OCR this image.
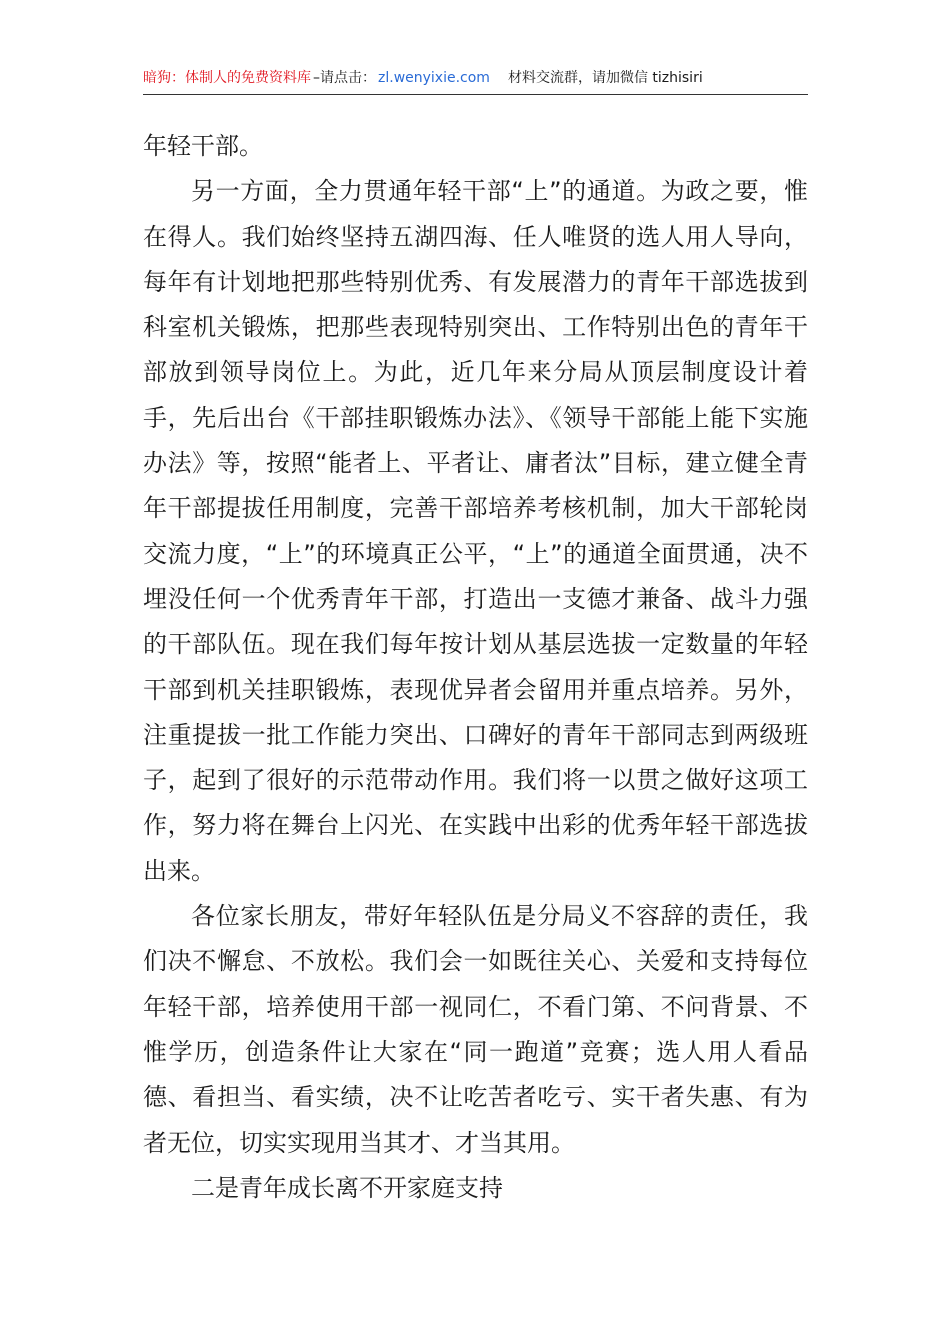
暗狗：体制人的免费资料库 –请点击： zl.wenyixie.com 材料交流群，请加微信 tizhisiri

年轻干部。

另一方面，全力贯通年轻干部“上”的通道。为政之要，惟在得人。我们始终坚持五湖四海、任人唯贤的选人用人导向，每年有计划地把那些特别优秀、有发展潜力的青年干部选拔到科室机关锻炼，把那些表现特别突出、工作特别出色的青年干部放到领导岗位上。为此，近几年来分局从顶层制度设计着手，先后出台《干部挂职锻炼办法》、《领导干部能上能下实施办法》等，按照“能者上、平者让、庸者汰”目标，建立健全青年干部提拔任用制度，完善干部培养考核机制，加大干部轮岗交流力度，“上”的环境真正公平，“上”的通道全面贯通，决不埋没任何一个优秀青年干部，打造出一支德才兼备、战斗力强的干部队伍。现在我们每年按计划从基层选拔一定数量的年轻干部到机关挂职锻炼，表现优异者会留用并重点培养。另外，注重提拔一批工作能力突出、口碑好的青年干部同志到两级班子，起到了很好的示范带动作用。我们将一以贯之做好这项工作，努力将在舞台上闪光、在实践中出彩的优秀年轻干部选拔出来。

各位家长朋友，带好年轻队伍是分局义不容辞的责任，我们决不懈怠、不放松。我们会一如既往关心、关爱和支持每位年轻干部，培养使用干部一视同仁，不看门第、不问背景、不惟学历，创造条件让大家在“同一跑道”竞赛；选人用人看品德、看担当、看实绩，决不让吃苦者吃亏、实干者失惠、有为者无位，切实实现用当其才、才当其用。

二是青年成长离不开家庭支持
